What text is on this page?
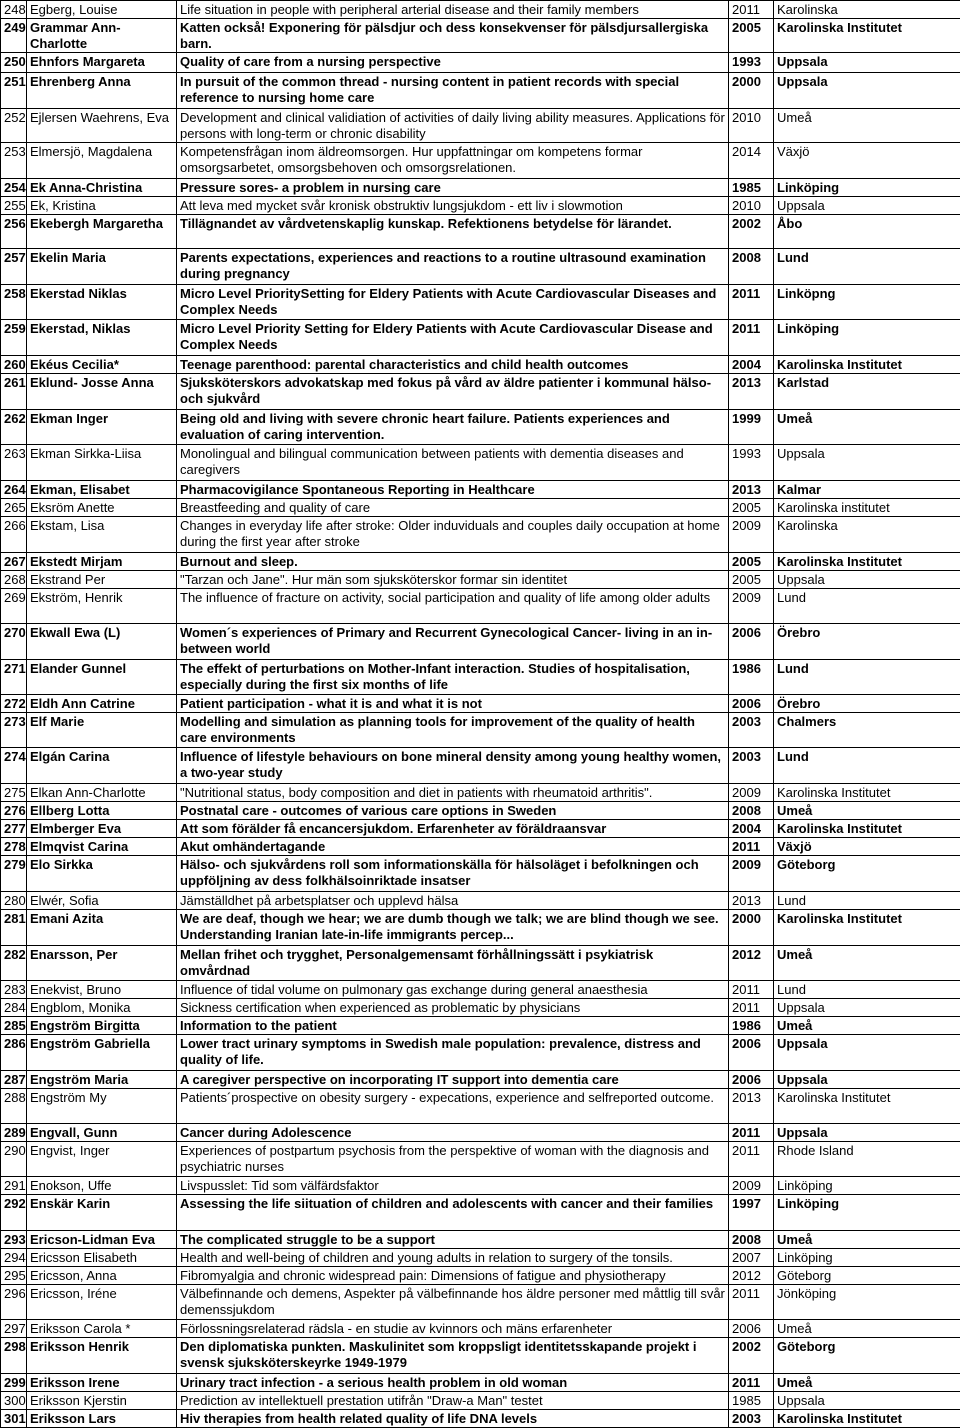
248	Egberg, Louise	Life situation in people with peripheral arterial disease and their family members	2011	Karolinska
249	Grammar Ann-Charlotte	Katten också! Exponering för pälsdjur och dess konsekvenser för pälsdjursallergiska barn.	2005	Karolinska Institutet
250	Ehnfors Margareta	Quality of care from a nursing perspective	1993	Uppsala
251	Ehrenberg Anna	In pursuit of the common thread - nursing content in patient records with special reference to nursing home care	2000	Uppsala
252	Ejlersen Waehrens, Eva	Development and clinical validiation of activities of daily living ability measures. Applications för persons with long-term or chronic disability	2010	Umeå
253	Elmersjö, Magdalena	Kompetensfrågan inom äldreomsorgen. Hur uppfattningar om kompetens formar omsorgsarbetet, omsorgsbehoven och omsorgsrelationen.	2014	Växjö
254	Ek Anna-Christina	Pressure sores- a problem in nursing care	1985	Linköping
255	Ek, Kristina	Att leva med mycket svår kronisk obstruktiv lungsjukdom - ett liv i slowmotion	2010	Uppsala
256	Ekebergh Margaretha	Tillägnandet av vårdvetenskaplig kunskap. Refektionens betydelse för lärandet.	2002	Åbo
257	Ekelin Maria	Parents expectations, experiences and reactions to a routine ultrasound examination during pregnancy	2008	Lund
258	Ekerstad Niklas	Micro Level PrioritySetting for Eldery Patients with Acute Cardiovascular Diseases and Complex Needs	2011	Linköpng
259	Ekerstad, Niklas	Micro Level Priority Setting for Eldery Patients with Acute Cardiovascular Disease and Complex Needs	2011	Linköping
260	Ekéus Cecilia*	Teenage parenthood: parental characteristics and child health outcomes	2004	Karolinska Institutet
261	Eklund- Josse Anna	Sjuksköterskors advokatskap med fokus på vård av äldre patienter i kommunal hälso- och sjukvård	2013	Karlstad
262	Ekman Inger	Being old and living with severe chronic heart failure. Patients experiences and evaluation of caring intervention.	1999	Umeå
263	Ekman Sirkka-Liisa	Monolingual and bilingual communication between patients with dementia diseases and caregivers	1993	Uppsala
264	Ekman, Elisabet	Pharmacovigilance Spontaneous Reporting in Healthcare	2013	Kalmar
265	Eksröm Anette	Breastfeeding and quality of care	2005	Karolinska institutet
266	Ekstam, Lisa	Changes in everyday life after stroke: Older induviduals and couples daily occupation at home during the first year after stroke	2009	Karolinska
267	Ekstedt Mirjam	Burnout and sleep.	2005	Karolinska Institutet
268	Ekstrand Per	"Tarzan och Jane". Hur män som sjuksköterskor formar sin identitet	2005	Uppsala
269	Ekström, Henrik	The influence of fracture on activity, social participation and quality of life among older adults	2009	Lund
270	Ekwall Ewa (L)	Women´s experiences of Primary and Recurrent Gynecological Cancer- living in an in-between world	2006	Örebro
271	Elander Gunnel	The effekt of perturbations on Mother-Infant interaction. Studies of hospitalisation, especially during the first six months of life	1986	Lund
272	Eldh Ann Catrine	Patient participation - what it is and what it is not	2006	Örebro
273	Elf Marie	Modelling and simulation as planning tools for improvement of the quality of health care environments	2003	Chalmers
274	Elgán Carina	Influence of lifestyle behaviours on bone mineral density among young healthy women, a two-year study	2003	Lund
275	Elkan Ann-Charlotte	"Nutritional status, body composition and diet in patients with rheumatoid arthritis".	2009	Karolinska Institutet
276	Ellberg Lotta	Postnatal care - outcomes of various care options in Sweden	2008	Umeå
277	Elmberger Eva	Att som förälder få encancersjukdom. Erfarenheter av föräldraansvar	2004	Karolinska Institutet
278	Elmqvist Carina	Akut omhändertagande	2011	Växjö
279	Elo Sirkka	Hälso- och sjukvårdens roll som informationskälla för hälsoläget i befolkningen och uppföljning av dess folkhälsoinriktade insatser	2009	Göteborg
280	Elwér, Sofia	Jämställdhet på arbetsplatser och upplevd hälsa	2013	Lund
281	Emani Azita	We are deaf, though we hear; we are dumb though we talk; we are blind though we see. Understanding Iranian late-in-life immigrants percep...	2000	Karolinska Institutet
282	Enarsson, Per	Mellan frihet och trygghet, Personalgemensamt förhållningssätt i psykiatrisk omvårdnad	2012	Umeå
283	Enekvist, Bruno	Influence of tidal volume on pulmonary gas exchange during general anaesthesia	2011	Lund
284	Engblom, Monika	Sickness certification when experienced as problematic by physicians	2011	Uppsala
285	Engström Birgitta	Information to the patient	1986	Umeå
286	Engström Gabriella	Lower tract urinary symptoms in Swedish male population: prevalence, distress and quality of life.	2006	Uppsala
287	Engström Maria	A caregiver perspective on incorporating IT support into dementia care	2006	Uppsala
288	Engström My	Patients´prospective on obesity surgery - expecations, experience and selfreported outcome.	2013	Karolinska Institutet
289	Engvall, Gunn	Cancer during Adolescence	2011	Uppsala
290	Engvist, Inger	Experiences of postpartum psychosis from the perspektive of woman with the diagnosis and psychiatric nurses	2011	Rhode Island
291	Enokson, Uffe	Livspusslet: Tid som välfärdsfaktor	2009	Linköping
292	Enskär Karin	Assessing the life siituation of children and adolescents with cancer and their families	1997	Linköping
293	Ericson-Lidman Eva	The complicated struggle to be a support	2008	Umeå
294	Ericsson Elisabeth	Health and well-being of children and young adults in relation to surgery of the tonsils.	2007	Linköping
295	Ericsson, Anna	Fibromyalgia and chronic widespread pain: Dimensions of fatigue and physiotherapy	2012	Göteborg
296	Ericsson, Iréne	Välbefinnande och demens, Aspekter på välbefinnande hos äldre personer med måttlig till svår demenssjukdom	2011	Jönköping
297	Eriksson Carola *	Förlossningsrelaterad rädsla - en studie av kvinnors och mäns erfarenheter	2006	Umeå
298	Eriksson Henrik	Den diplomatiska punkten. Maskulinitet som kroppsligt identitetsskapande projekt i svensk sjuksköterskeyrke 1949-1979	2002	Göteborg
299	Eriksson Irene	Urinary tract infection - a serious health problem in old woman	2011	Umeå
300	Eriksson Kjerstin	Prediction av intellektuell prestation utifrån "Draw-a Man" testet	1985	Uppsala
301	Eriksson Lars	Hiv therapies from health related quality of life DNA levels	2003	Karolinska Institutet
